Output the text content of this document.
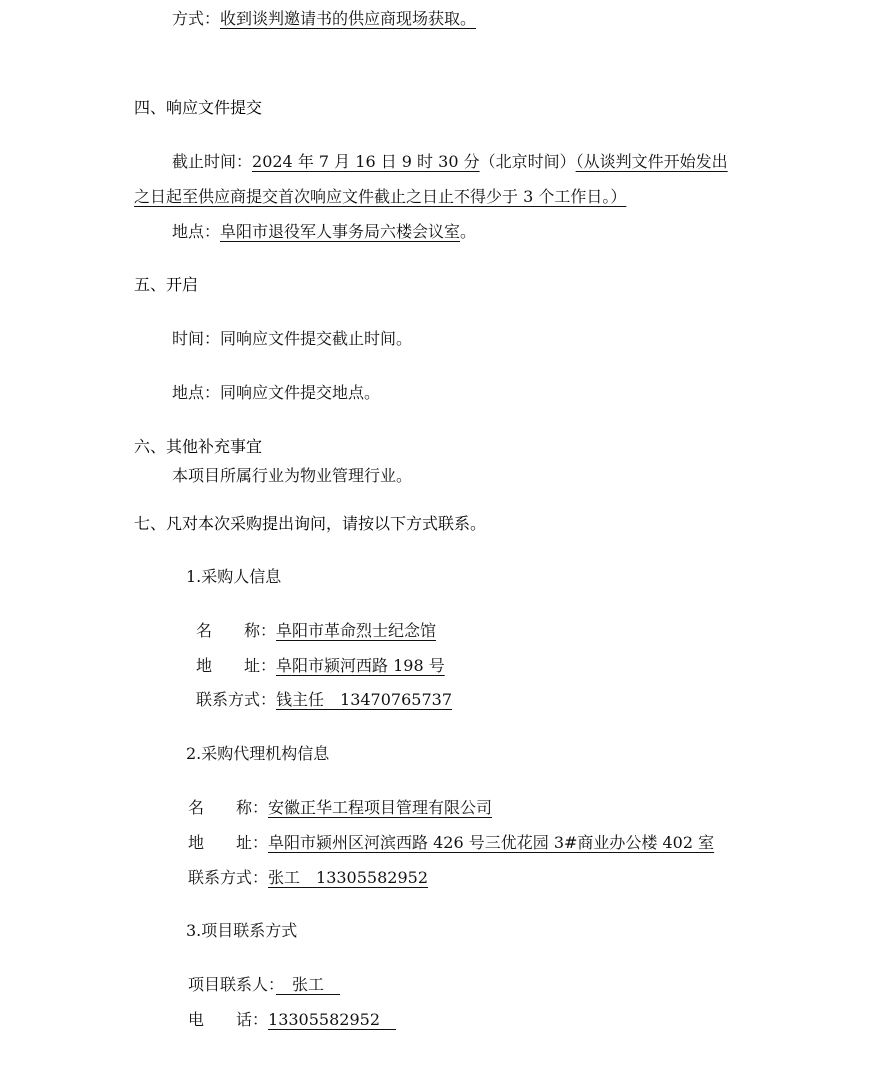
方式：收到谈判邀请书的供应商现场获取。
四、响应文件提交
截止时间：2024 年 7 月 16 日 9 时 30 分（北京时间）（从谈判文件开始发出
之日起至供应商提交首次响应文件截止之日止不得少于 3 个工作日。）
地点：阜阳市退役军人事务局六楼会议室。
五、开启
时间：同响应文件提交截止时间。
地点：同响应文件提交地点。
六、其他补充事宜
本项目所属行业为物业管理行业。
七、凡对本次采购提出询问，请按以下方式联系。
1.采购人信息
名　　称：阜阳市革命烈士纪念馆
地　　址：阜阳市颍河西路 198 号
联系方式：钱主任　13470765737
2.采购代理机构信息
名　　称：安徽正华工程项目管理有限公司
地　　址：阜阳市颍州区河滨西路 426 号三优花园 3#商业办公楼 402 室
联系方式：张工　13305582952
3.项目联系方式
项目联系人：　张工　
电　　话：13305582952　
